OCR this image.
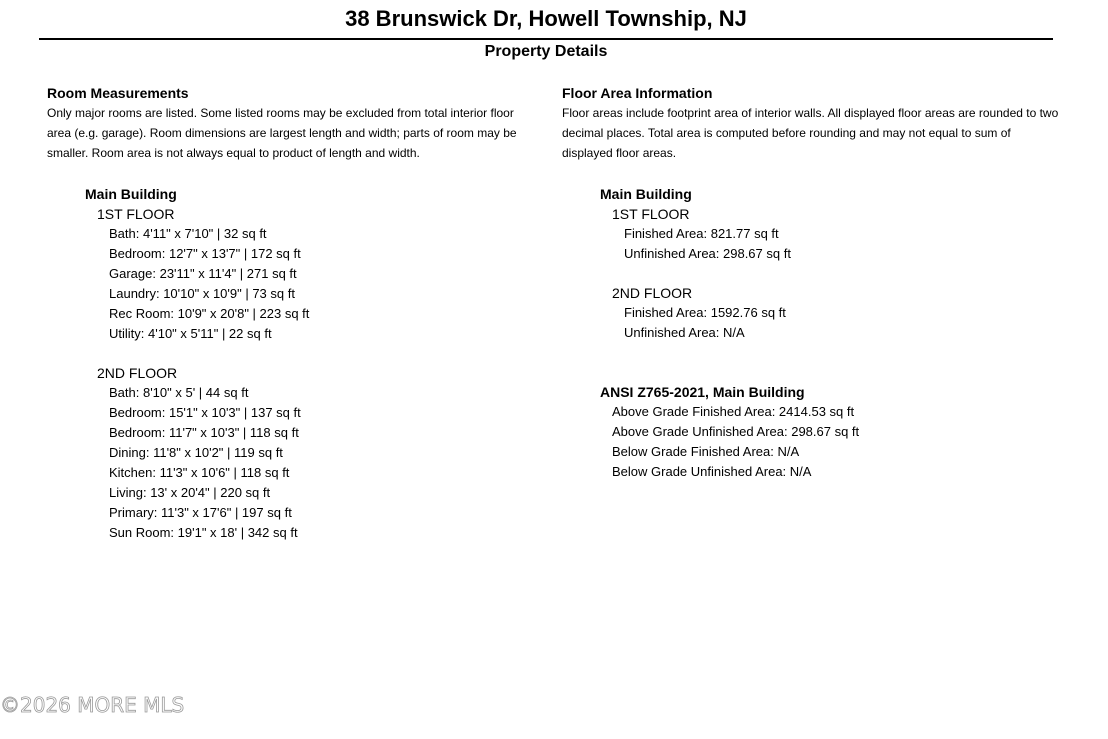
38 Brunswick Dr, Howell Township, NJ
Property Details
Room Measurements
Only major rooms are listed. Some listed rooms may be excluded from total interior floor area (e.g. garage). Room dimensions are largest length and width; parts of room may be smaller. Room area is not always equal to product of length and width.
Main Building
1ST FLOOR
Bath: 4'11" x 7'10" | 32 sq ft
Bedroom: 12'7" x 13'7" | 172 sq ft
Garage: 23'11" x 11'4" | 271 sq ft
Laundry: 10'10" x 10'9" | 73 sq ft
Rec Room: 10'9" x 20'8" | 223 sq ft
Utility: 4'10" x 5'11" | 22 sq ft
2ND FLOOR
Bath: 8'10" x 5' | 44 sq ft
Bedroom: 15'1" x 10'3" | 137 sq ft
Bedroom: 11'7" x 10'3" | 118 sq ft
Dining: 11'8" x 10'2" | 119 sq ft
Kitchen: 11'3" x 10'6" | 118 sq ft
Living: 13' x 20'4" | 220 sq ft
Primary: 11'3" x 17'6" | 197 sq ft
Sun Room: 19'1" x 18' | 342 sq ft
Floor Area Information
Floor areas include footprint area of interior walls. All displayed floor areas are rounded to two decimal places. Total area is computed before rounding and may not equal to sum of displayed floor areas.
Main Building
1ST FLOOR
Finished Area: 821.77 sq ft
Unfinished Area: 298.67 sq ft
2ND FLOOR
Finished Area: 1592.76 sq ft
Unfinished Area: N/A
ANSI Z765-2021, Main Building
Above Grade Finished Area: 2414.53 sq ft
Above Grade Unfinished Area: 298.67 sq ft
Below Grade Finished Area: N/A
Below Grade Unfinished Area: N/A
©2026 MORE MLS
